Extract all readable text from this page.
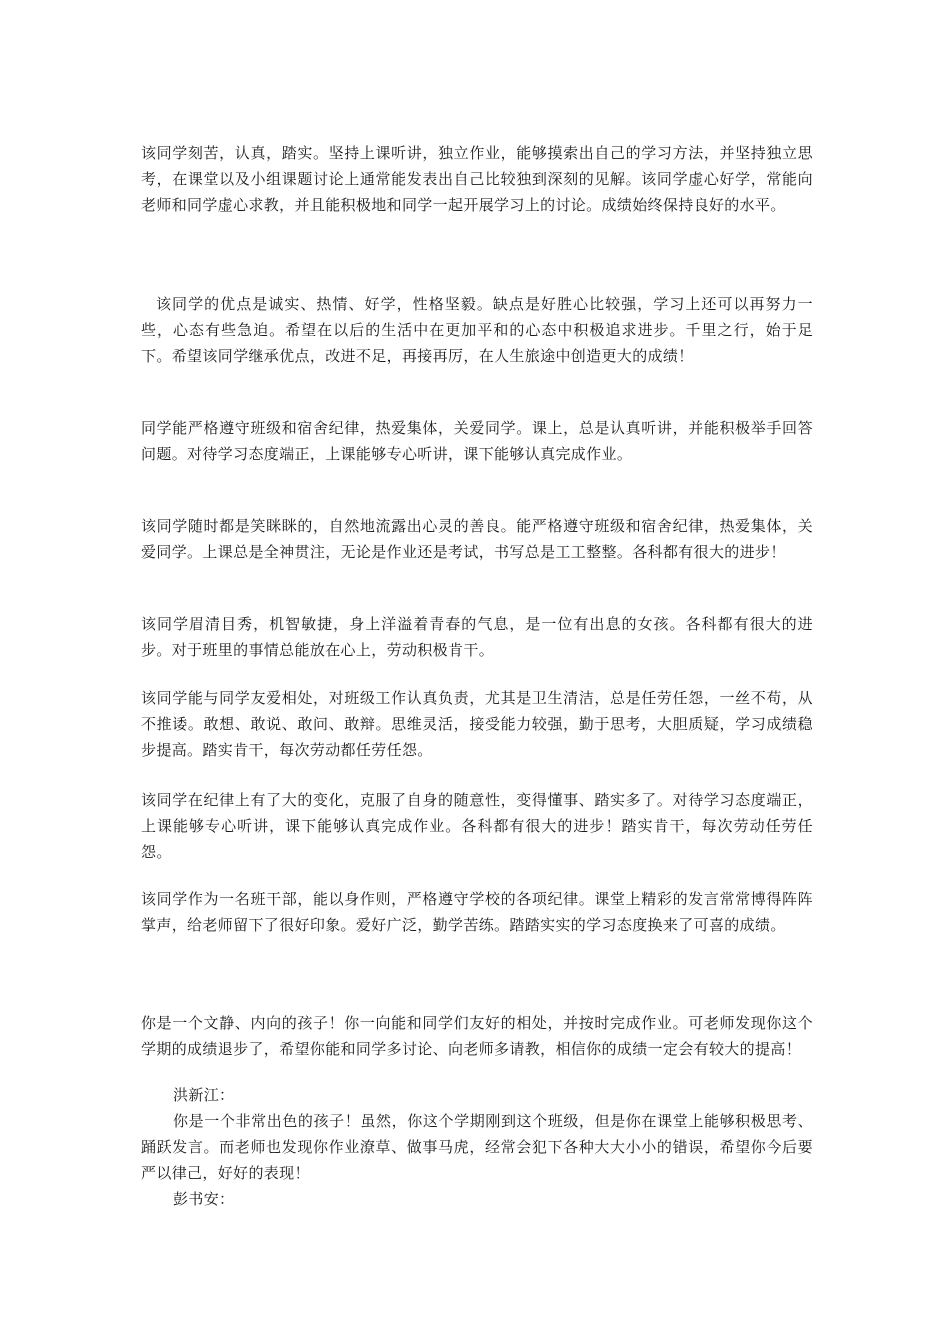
该同学刻苦，认真，踏实。坚持上课听讲，独立作业，能够摸索出自己的学习方法，并坚持独立思考，在课堂以及小组课题讨论上通常能发表出自己比较独到深刻的见解。该同学虚心好学，常能向老师和同学虚心求教，并且能积极地和同学一起开展学习上的讨论。成绩始终保持良好的水平。

该同学的优点是诚实、热情、好学，性格坚毅。缺点是好胜心比较强，学习上还可以再努力一些，心态有些急迫。希望在以后的生活中在更加平和的心态中积极追求进步。千里之行，始于足下。希望该同学继承优点，改进不足，再接再厉，在人生旅途中创造更大的成绩！

同学能严格遵守班级和宿舍纪律，热爱集体，关爱同学。课上，总是认真听讲，并能积极举手回答问题。对待学习态度端正，上课能够专心听讲，课下能够认真完成作业。

该同学随时都是笑眯眯的，自然地流露出心灵的善良。能严格遵守班级和宿舍纪律，热爱集体，关爱同学。上课总是全神贯注，无论是作业还是考试，书写总是工工整整。各科都有很大的进步！

该同学眉清目秀，机智敏捷，身上洋溢着青春的气息，是一位有出息的女孩。各科都有很大的进步。对于班里的事情总能放在心上，劳动积极肯干。

该同学能与同学友爱相处，对班级工作认真负责，尤其是卫生清洁，总是任劳任怨，一丝不苟，从不推诿。敢想、敢说、敢问、敢辩。思维灵活，接受能力较强，勤于思考，大胆质疑，学习成绩稳步提高。踏实肯干，每次劳动都任劳任怨。

该同学在纪律上有了大的变化，克服了自身的随意性，变得懂事、踏实多了。对待学习态度端正，上课能够专心听讲，课下能够认真完成作业。各科都有很大的进步！踏实肯干，每次劳动任劳任怨。

该同学作为一名班干部，能以身作则，严格遵守学校的各项纪律。课堂上精彩的发言常常博得阵阵掌声，给老师留下了很好印象。爱好广泛，勤学苦练。踏踏实实的学习态度换来了可喜的成绩。

你是一个文静、内向的孩子！你一向能和同学们友好的相处，并按时完成作业。可老师发现你这个学期的成绩退步了，希望你能和同学多讨论、向老师多请教，相信你的成绩一定会有较大的提高！

洪新江：

你是一个非常出色的孩子！虽然，你这个学期刚到这个班级，但是你在课堂上能够积极思考、踊跃发言。而老师也发现你作业潦草、做事马虎，经常会犯下各种大大小小的错误，希望你今后要严以律己，好好的表现！

彭书安：
